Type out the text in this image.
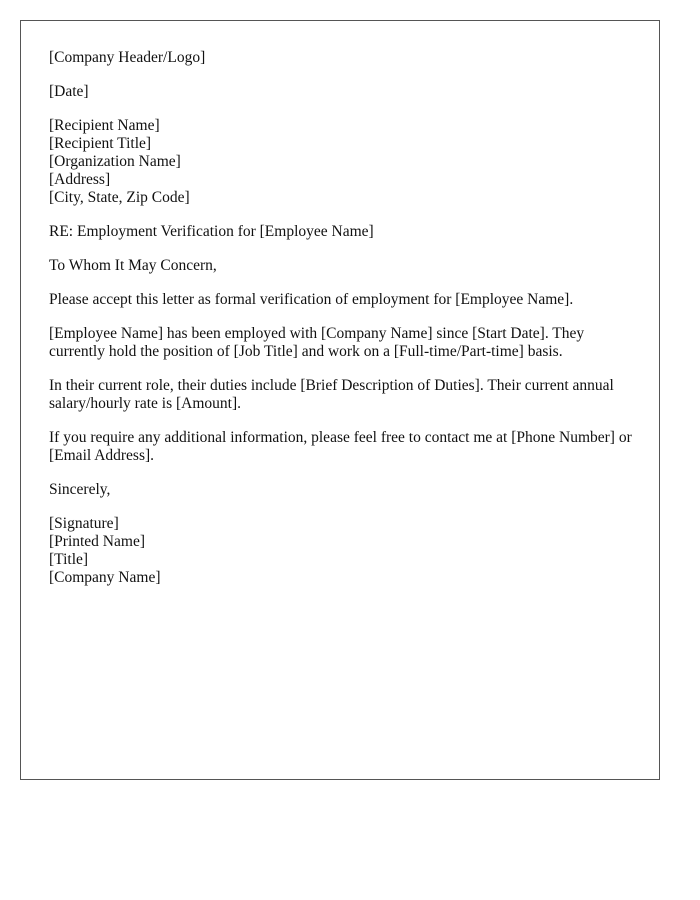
[Company Header/Logo]
[Date]
[Recipient Name]
[Recipient Title]
[Organization Name]
[Address]
[City, State, Zip Code]
RE: Employment Verification for [Employee Name]
To Whom It May Concern,

Please accept this letter as formal verification of employment for [Employee Name].

[Employee Name] has been employed with [Company Name] since [Start Date]. They currently hold the position of [Job Title] and work on a [Full-time/Part-time] basis.

In their current role, their duties include [Brief Description of Duties]. Their current annual salary/hourly rate is [Amount].

If you require any additional information, please feel free to contact me at [Phone Number] or [Email Address].

Sincerely,
[Signature]
[Printed Name]
[Title]
[Company Name]
